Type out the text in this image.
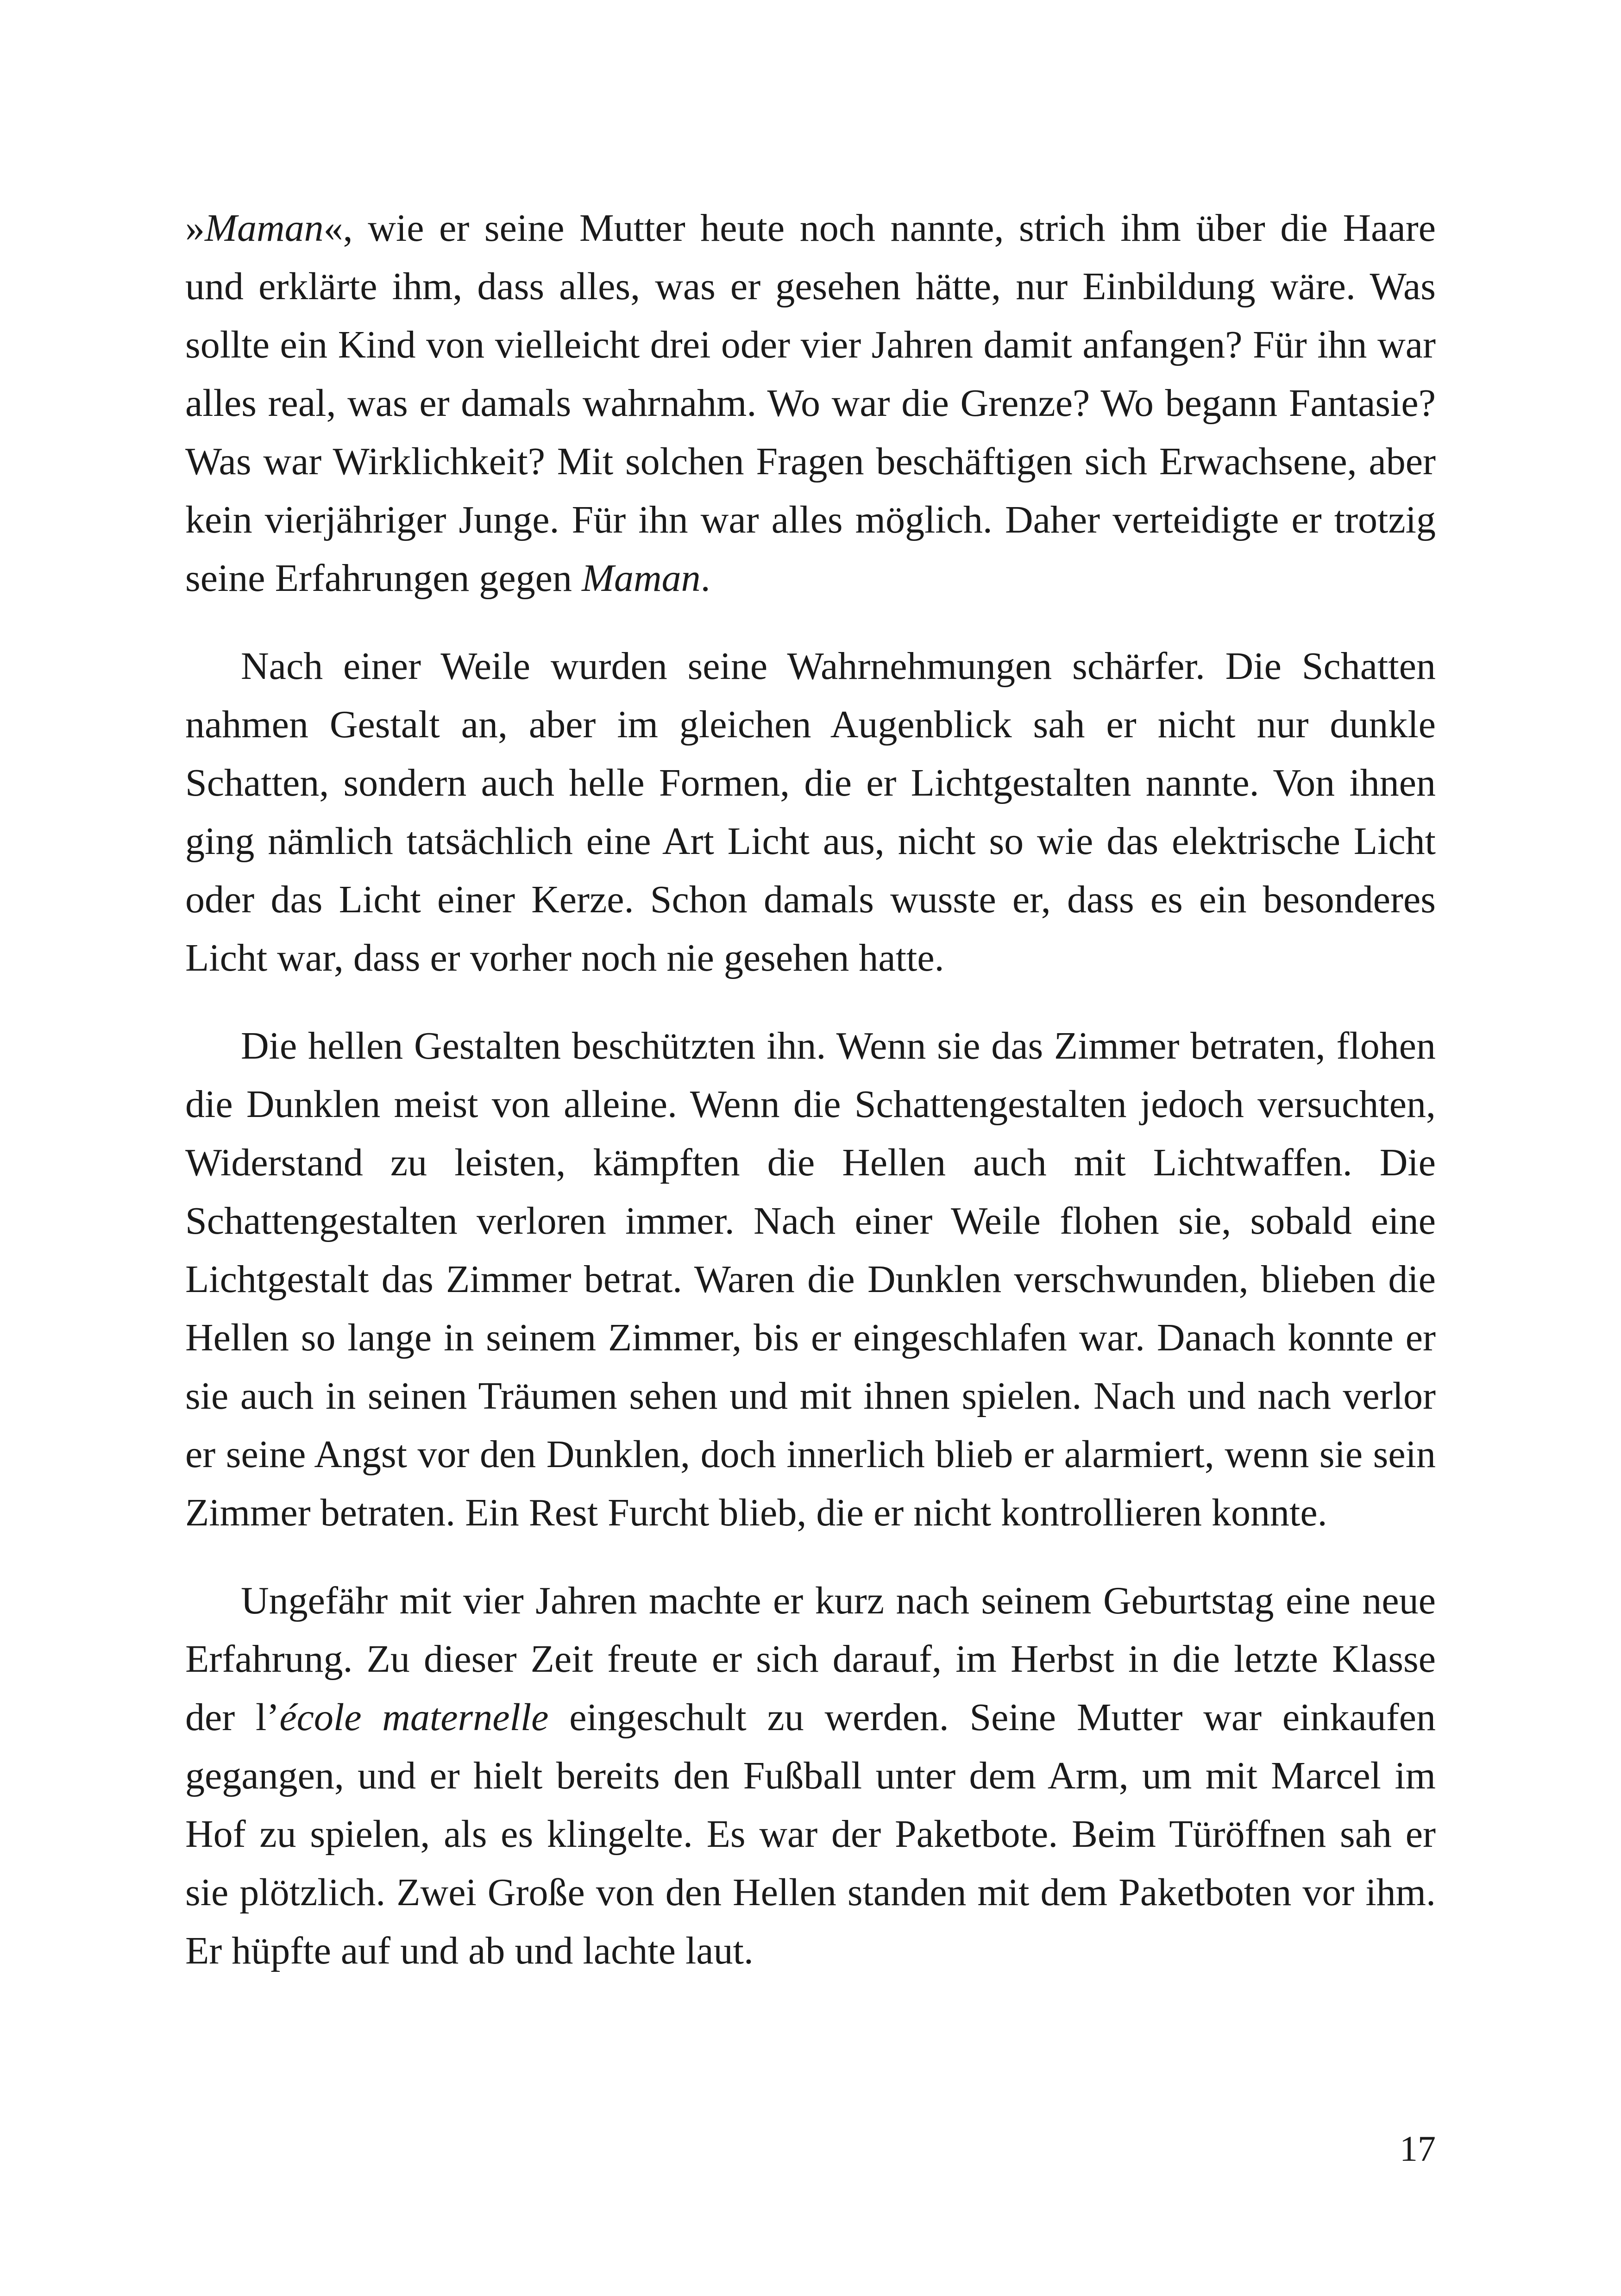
»Maman«, wie er seine Mutter heute noch nannte, strich ihm über die Haare und erklärte ihm, dass alles, was er gesehen hätte, nur Einbildung wäre. Was sollte ein Kind von vielleicht drei oder vier Jahren damit anfangen? Für ihn war alles real, was er damals wahrnahm. Wo war die Grenze? Wo begann Fantasie? Was war Wirklichkeit? Mit solchen Fragen beschäftigen sich Erwachsene, aber kein vierjähriger Junge. Für ihn war alles möglich. Daher verteidigte er trotzig seine Erfahrungen gegen Maman.

Nach einer Weile wurden seine Wahrnehmungen schärfer. Die Schatten nahmen Gestalt an, aber im gleichen Augenblick sah er nicht nur dunkle Schatten, sondern auch helle Formen, die er Lichtgestalten nannte. Von ihnen ging nämlich tatsächlich eine Art Licht aus, nicht so wie das elektrische Licht oder das Licht einer Kerze. Schon damals wusste er, dass es ein besonderes Licht war, dass er vorher noch nie gesehen hatte.

Die hellen Gestalten beschützten ihn. Wenn sie das Zimmer betraten, flohen die Dunklen meist von alleine. Wenn die Schattengestalten jedoch versuchten, Widerstand zu leisten, kämpften die Hellen auch mit Lichtwaffen. Die Schattengestalten verloren immer. Nach einer Weile flohen sie, sobald eine Lichtgestalt das Zimmer betrat. Waren die Dunklen verschwunden, blieben die Hellen so lange in seinem Zimmer, bis er eingeschlafen war. Danach konnte er sie auch in seinen Träumen sehen und mit ihnen spielen. Nach und nach verlor er seine Angst vor den Dunklen, doch innerlich blieb er alarmiert, wenn sie sein Zimmer betraten. Ein Rest Furcht blieb, die er nicht kontrollieren konnte.

Ungefähr mit vier Jahren machte er kurz nach seinem Geburtstag eine neue Erfahrung. Zu dieser Zeit freute er sich darauf, im Herbst in die letzte Klasse der l’école maternelle eingeschult zu werden. Seine Mutter war einkaufen gegangen, und er hielt bereits den Fußball unter dem Arm, um mit Marcel im Hof zu spielen, als es klingelte. Es war der Paketbote. Beim Türöffnen sah er sie plötzlich. Zwei Große von den Hellen standen mit dem Paketboten vor ihm. Er hüpfte auf und ab und lachte laut.

17
